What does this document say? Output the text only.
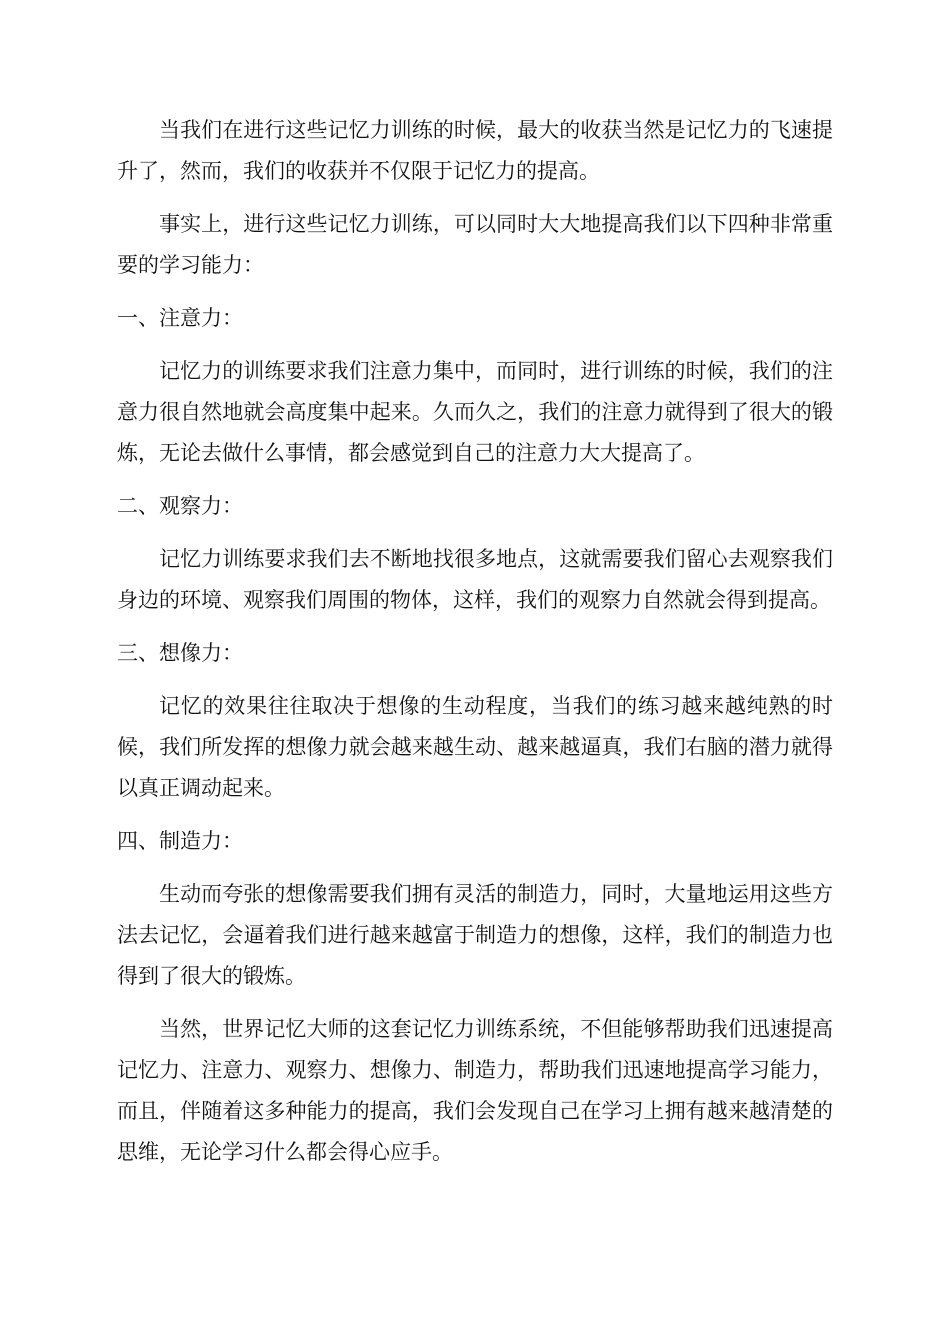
当我们在进行这些记忆力训练的时候，最大的收获当然是记忆力的飞速提升了，然而，我们的收获并不仅限于记忆力的提高。

事实上，进行这些记忆力训练，可以同时大大地提高我们以下四种非常重要的学习能力：

一、注意力：

记忆力的训练要求我们注意力集中，而同时，进行训练的时候，我们的注意力很自然地就会高度集中起来。久而久之，我们的注意力就得到了很大的锻炼，无论去做什么事情，都会感觉到自己的注意力大大提高了。

二、观察力：

记忆力训练要求我们去不断地找很多地点，这就需要我们留心去观察我们身边的环境、观察我们周围的物体，这样，我们的观察力自然就会得到提高。

三、想像力：

记忆的效果往往取决于想像的生动程度，当我们的练习越来越纯熟的时候，我们所发挥的想像力就会越来越生动、越来越逼真，我们右脑的潜力就得以真正调动起来。

四、制造力：

生动而夸张的想像需要我们拥有灵活的制造力，同时，大量地运用这些方法去记忆，会逼着我们进行越来越富于制造力的想像，这样，我们的制造力也得到了很大的锻炼。

当然，世界记忆大师的这套记忆力训练系统，不但能够帮助我们迅速提高记忆力、注意力、观察力、想像力、制造力，帮助我们迅速地提高学习能力，而且，伴随着这多种能力的提高，我们会发现自己在学习上拥有越来越清楚的思维，无论学习什么都会得心应手。
